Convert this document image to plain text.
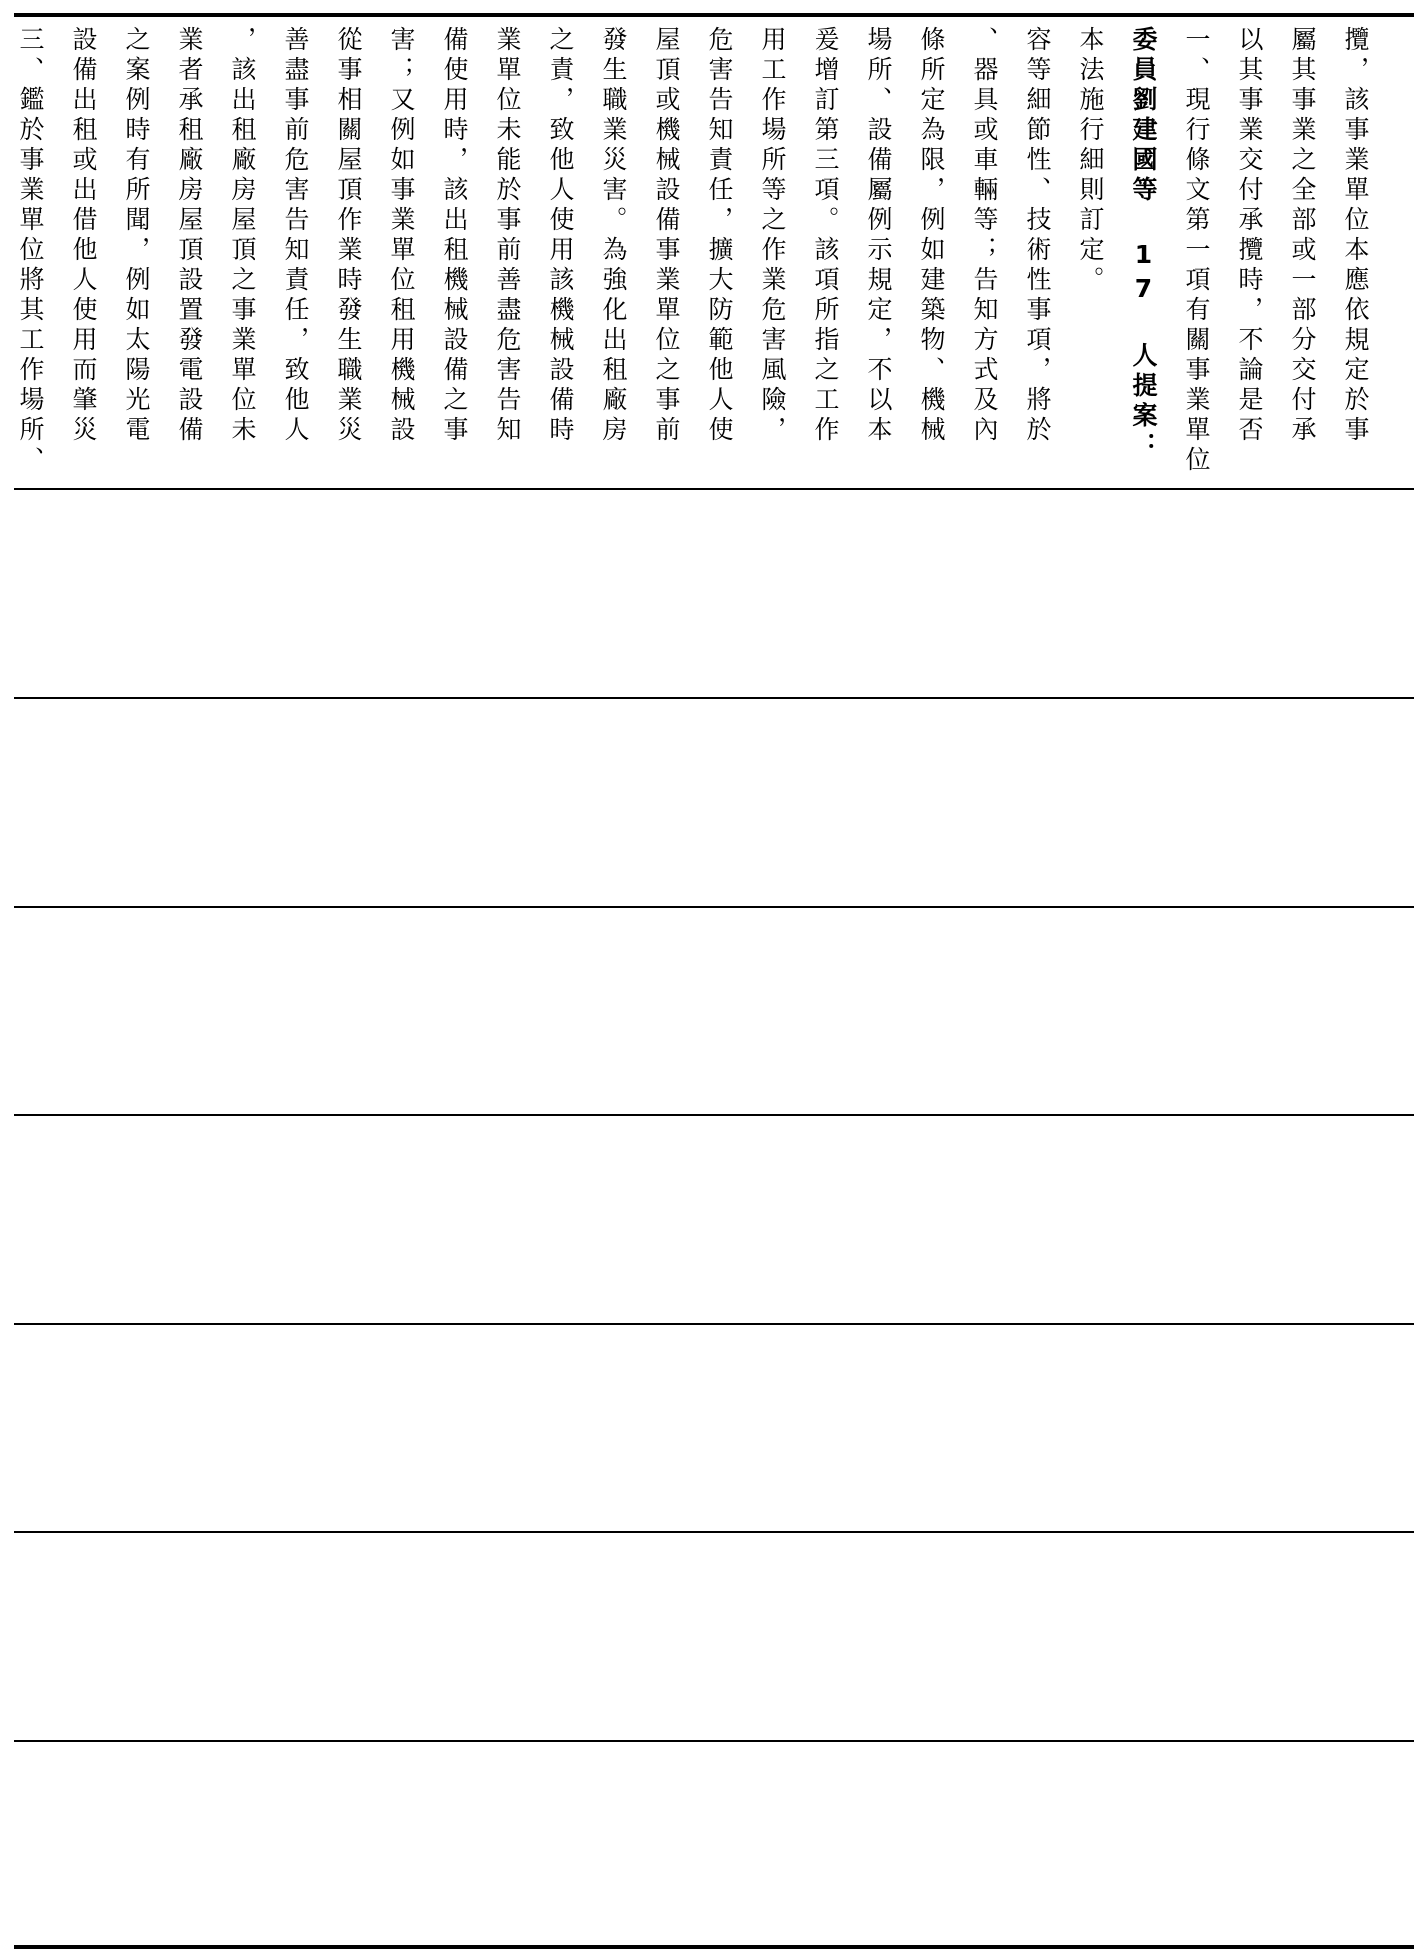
三、鑑於事業單位將其工作場所、 設備出租或出借他人使用而肇災 之案例時有所聞，例如太陽光電 業者承租廠房屋頂設置發電設備 ，該出租廠房屋頂之事業單位未 善盡事前危害告知責任，致他人 從事相關屋頂作業時發生職業災 害；又例如事業單位租用機械設 備使用時，該出租機械設備之事 業單位未能於事前善盡危害告知 之責，致他人使用該機械設備時 發生職業災害。為強化出租廠房 屋頂或機械設備事業單位之事前 危害告知責任，擴大防範他人使 用工作場所等之作業危害風險， 爰增訂第三項。該項所指之工作 場所、設備屬例示規定，不以本 條所定為限，例如建築物、機械 、器具或車輛等；告知方式及內 容等細節性、技術性事項，將於 本法施行細則訂定。 委員劉建國等 17 人提案： 一、現行條文第一項有關事業單位 以其事業交付承攬時，不論是否 屬其事業之全部或一部分交付承 攬，該事業單位本應依規定於事
